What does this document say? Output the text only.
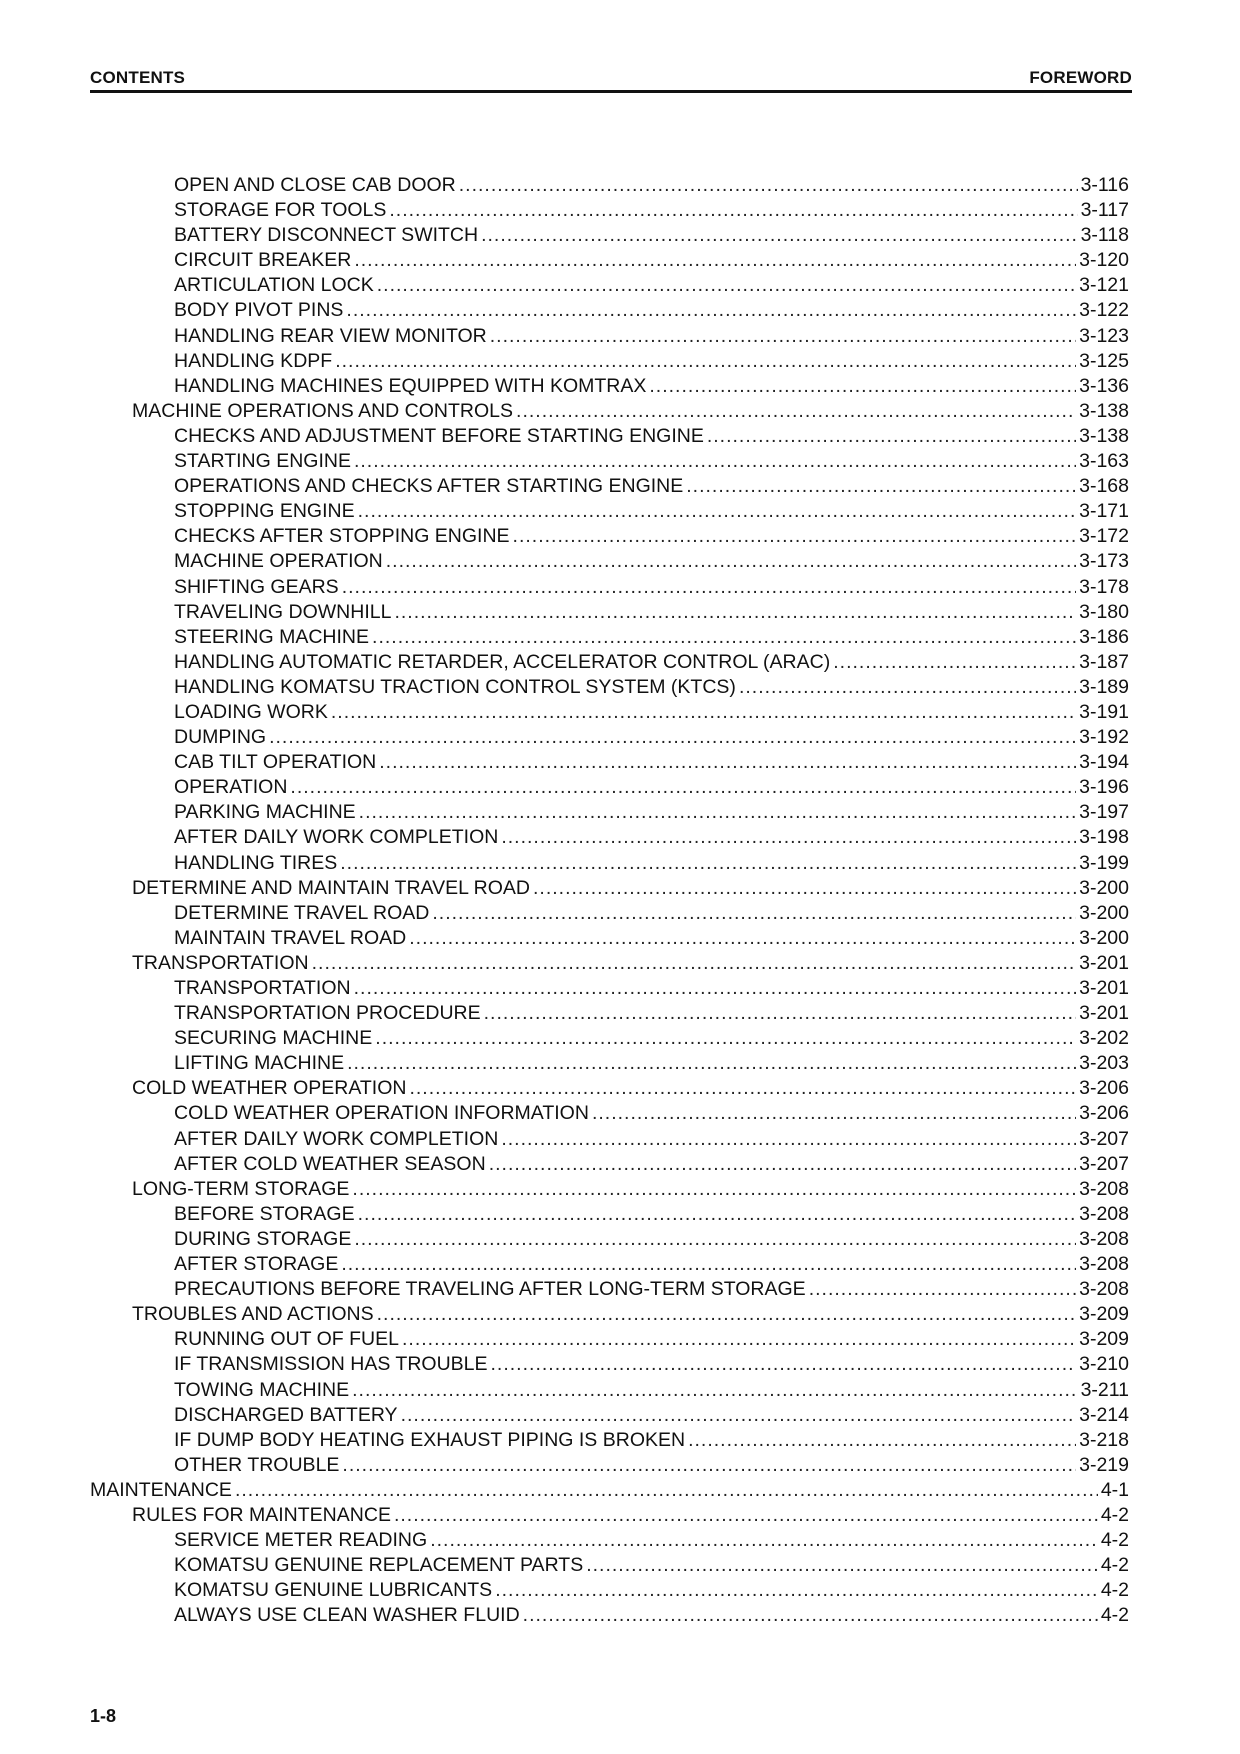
CONTENTS	FOREWORD
OPEN AND CLOSE CAB DOOR .....	3-116
STORAGE FOR TOOLS .....	3-117
BATTERY DISCONNECT SWITCH .....	3-118
CIRCUIT BREAKER .....	3-120
ARTICULATION LOCK .....	3-121
BODY PIVOT PINS .....	3-122
HANDLING REAR VIEW MONITOR .....	3-123
HANDLING KDPF .....	3-125
HANDLING MACHINES EQUIPPED WITH KOMTRAX .....	3-136
MACHINE OPERATIONS AND CONTROLS .....	3-138
CHECKS AND ADJUSTMENT BEFORE STARTING ENGINE .....	3-138
STARTING ENGINE .....	3-163
OPERATIONS AND CHECKS AFTER STARTING ENGINE .....	3-168
STOPPING ENGINE .....	3-171
CHECKS AFTER STOPPING ENGINE .....	3-172
MACHINE OPERATION .....	3-173
SHIFTING GEARS .....	3-178
TRAVELING DOWNHILL .....	3-180
STEERING MACHINE .....	3-186
HANDLING AUTOMATIC RETARDER, ACCELERATOR CONTROL (ARAC) .....	3-187
HANDLING KOMATSU TRACTION CONTROL SYSTEM (KTCS) .....	3-189
LOADING WORK .....	3-191
DUMPING .....	3-192
CAB TILT OPERATION .....	3-194
OPERATION .....	3-196
PARKING MACHINE .....	3-197
AFTER DAILY WORK COMPLETION .....	3-198
HANDLING TIRES .....	3-199
DETERMINE AND MAINTAIN TRAVEL ROAD .....	3-200
DETERMINE TRAVEL ROAD .....	3-200
MAINTAIN TRAVEL ROAD .....	3-200
TRANSPORTATION .....	3-201
TRANSPORTATION .....	3-201
TRANSPORTATION PROCEDURE .....	3-201
SECURING MACHINE .....	3-202
LIFTING MACHINE .....	3-203
COLD WEATHER OPERATION .....	3-206
COLD WEATHER OPERATION INFORMATION .....	3-206
AFTER DAILY WORK COMPLETION .....	3-207
AFTER COLD WEATHER SEASON .....	3-207
LONG-TERM STORAGE .....	3-208
BEFORE STORAGE .....	3-208
DURING STORAGE .....	3-208
AFTER STORAGE .....	3-208
PRECAUTIONS BEFORE TRAVELING AFTER LONG-TERM STORAGE .....	3-208
TROUBLES AND ACTIONS .....	3-209
RUNNING OUT OF FUEL .....	3-209
IF TRANSMISSION HAS TROUBLE .....	3-210
TOWING MACHINE .....	3-211
DISCHARGED BATTERY .....	3-214
IF DUMP BODY HEATING EXHAUST PIPING IS BROKEN .....	3-218
OTHER TROUBLE .....	3-219
MAINTENANCE .....	4-1
RULES FOR MAINTENANCE .....	4-2
SERVICE METER READING .....	4-2
KOMATSU GENUINE REPLACEMENT PARTS .....	4-2
KOMATSU GENUINE LUBRICANTS .....	4-2
ALWAYS USE CLEAN WASHER FLUID .....	4-2
1-8
